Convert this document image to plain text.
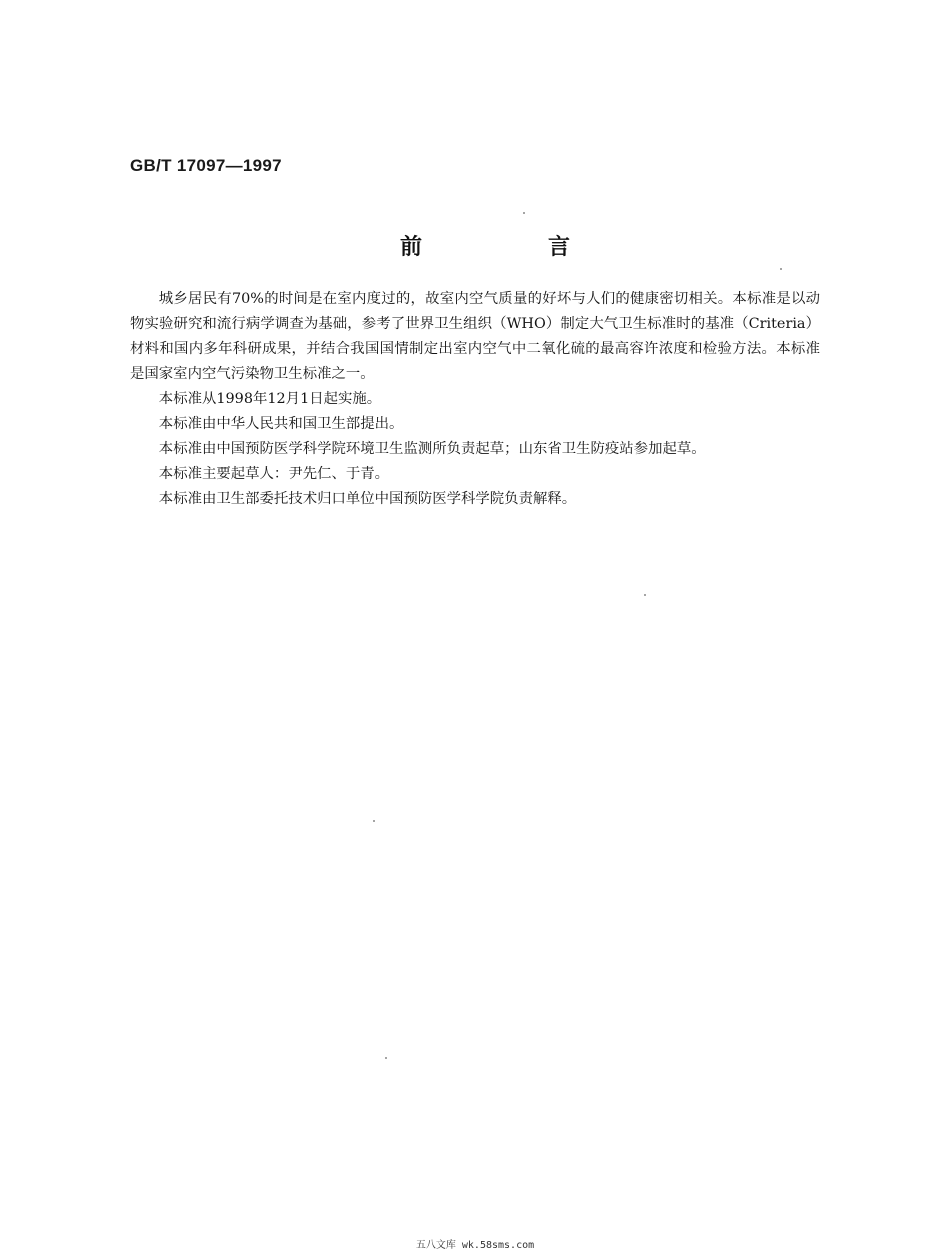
GB/T 17097—1997
前	言

城乡居民有70%的时间是在室内度过的，故室内空气质量的好坏与人们的健康密切相关。本标准是以动物实验研究和流行病学调查为基础，参考了世界卫生组织（WHO）制定大气卫生标准时的基准（Criteria）材料和国内多年科研成果，并结合我国国情制定出室内空气中二氧化硫的最高容许浓度和检验方法。本标准是国家室内空气污染物卫生标准之一。

本标准从1998年12月1日起实施。

本标准由中华人民共和国卫生部提出。

本标准由中国预防医学科学院环境卫生监测所负责起草；山东省卫生防疫站参加起草。

本标准主要起草人：尹先仁、于青。

本标准由卫生部委托技术归口单位中国预防医学科学院负责解释。

五八文库 wk.58sms.com
